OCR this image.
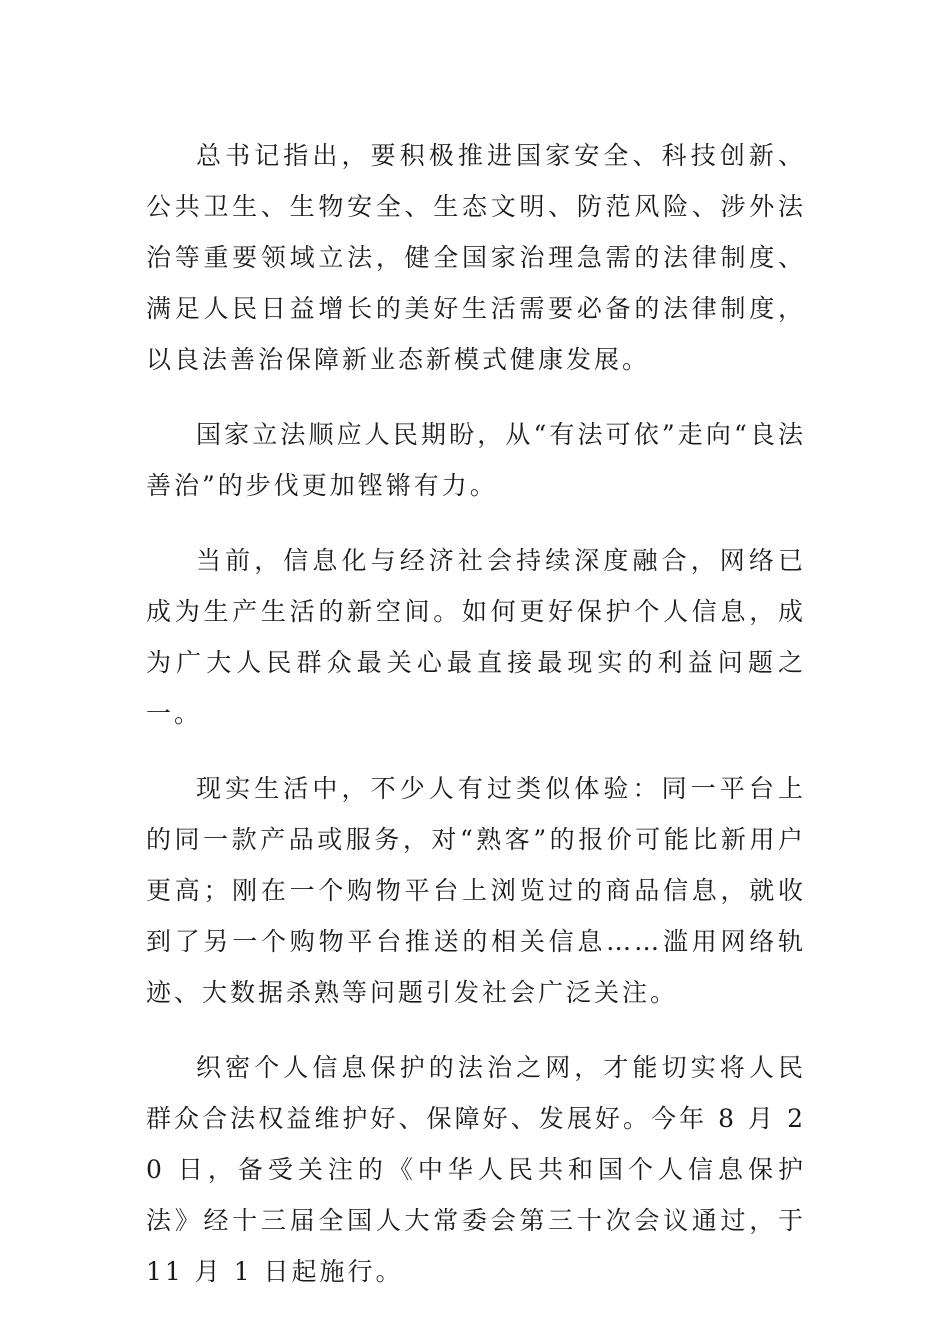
总书记指出，要积极推进国家安全、科技创新、公共卫生、生物安全、生态文明、防范风险、涉外法治等重要领域立法，健全国家治理急需的法律制度、满足人民日益增长的美好生活需要必备的法律制度，以良法善治保障新业态新模式健康发展。

国家立法顺应人民期盼，从“有法可依”走向“良法善治”的步伐更加铿锵有力。

当前，信息化与经济社会持续深度融合，网络已成为生产生活的新空间。如何更好保护个人信息，成为广大人民群众最关心最直接最现实的利益问题之一。

现实生活中，不少人有过类似体验：同一平台上的同一款产品或服务，对“熟客”的报价可能比新用户更高；刚在一个购物平台上浏览过的商品信息，就收到了另一个购物平台推送的相关信息……滥用网络轨迹、大数据杀熟等问题引发社会广泛关注。

织密个人信息保护的法治之网，才能切实将人民群众合法权益维护好、保障好、发展好。今年 8 月 20 日，备受关注的《中华人民共和国个人信息保护法》经十三届全国人大常委会第三十次会议通过，于 11 月 1 日起施行。
